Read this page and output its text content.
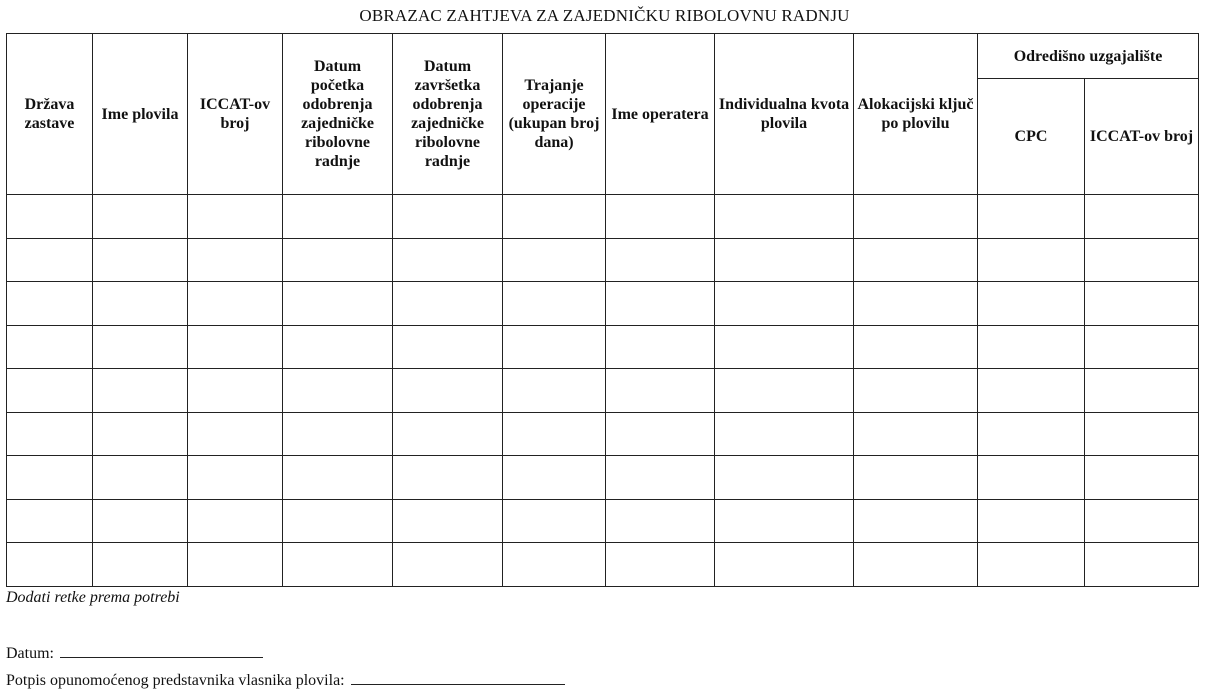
OBRAZAC ZAHTJEVA ZA ZAJEDNIČKU RIBOLOVNU RADNJU
Država zastave	Ime plovila	ICCAT-ov broj	Datum početka odobrenja zajedničke ribolovne radnje	Datum završetka odobrenja zajedničke ribolovne radnje	Trajanje operacije (ukupan broj dana)	Ime operatera	Individualna kvota plovila	Alokacijski ključ po plovilu	Odredišno uzgajalište	
									CPC	ICCAT-ov broj

Dodati retke prema potrebi
Datum:
Potpis opunomoćenog predstavnika vlasnika plovila:
